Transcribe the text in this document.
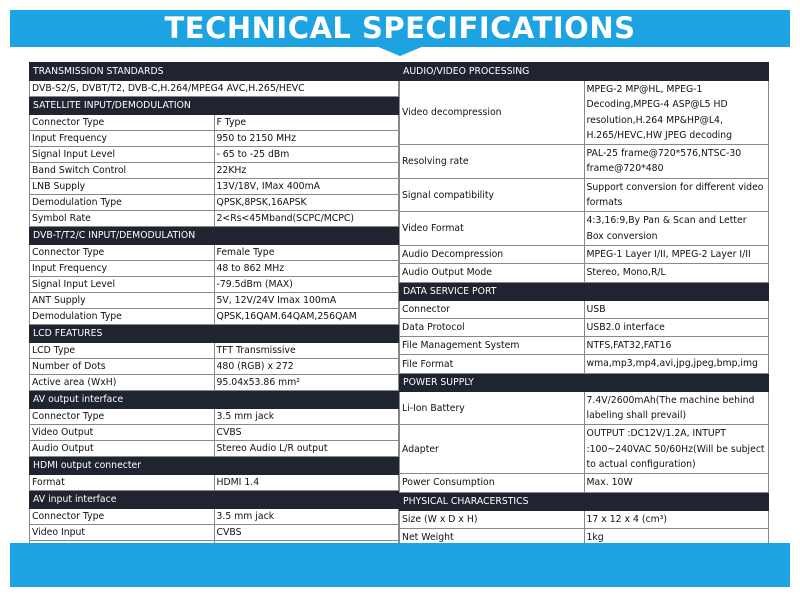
TECHNICAL SPECIFICATIONS
TRANSMISSION STANDARDS	
DVB-S2/S, DVBT/T2, DVB-C,H.264/MPEG4 AVC,H.265/HEVC	
SATELLITE INPUT/DEMODULATION	
Connector Type	F Type
Input Frequency	950 to 2150 MHz
Signal Input Level	- 65 to -25 dBm
Band Switch Control	22KHz
LNB Supply	13V/18V, IMax 400mA
Demodulation Type	QPSK,8PSK,16APSK
Symbol Rate	2<Rs<45Mband(SCPC/MCPC)
DVB-T/T2/C INPUT/DEMODULATION	
Connector Type	Female Type
Input Frequency	48 to 862 MHz
Signal Input Level	-79.5dBm (MAX)
ANT Supply	5V, 12V/24V Imax 100mA
Demodulation Type	QPSK,16QAM.64QAM,256QAM
LCD FEATURES	
LCD Type	TFT Transmissive
Number of Dots	480 (RGB) x 272
Active area (WxH)	95.04x53.86 mm²
AV output interface	
Connector Type	3.5 mm jack
Video Output	CVBS
Audio Output	Stereo Audio L/R output
HDMI output connecter	
Format	HDMI 1.4
AV input interface	
Connector Type	3.5 mm jack
Video Input	CVBS

AUDIO/VIDEO PROCESSING	
Video decompression	MPEG-2 MP@HL, MPEG-1 Decoding,MPEG-4 ASP@L5 HD resolution,H.264 MP&HP@L4, H.265/HEVC,HW JPEG decoding
Resolving rate	PAL-25 frame@720*576,NTSC-30 frame@720*480
Signal compatibility	Support conversion for different video formats
Video Format	4:3,16:9,By Pan & Scan and Letter Box conversion
Audio Decompression	MPEG-1 Layer I/II, MPEG-2 Layer I/II
Audio Output Mode	Stereo, Mono,R/L
DATA SERVICE PORT	
Connector	USB
Data Protocol	USB2.0 interface
File Management System	NTFS,FAT32,FAT16
File Format	wma,mp3,mp4,avi,jpg,jpeg,bmp,img
POWER SUPPLY	
Li-Ion Battery	7.4V/2600mAh(The machine behind labeling shall prevail)
Adapter	OUTPUT :DC12V/1.2A, INTUPT :100~240VAC 50/60Hz(Will be subject to actual configuration)
Power Consumption	Max. 10W
PHYSICAL CHARACERSTICS	
Size (W x D x H)	17 x 12 x 4 (cm³)
Net Weight	1kg
